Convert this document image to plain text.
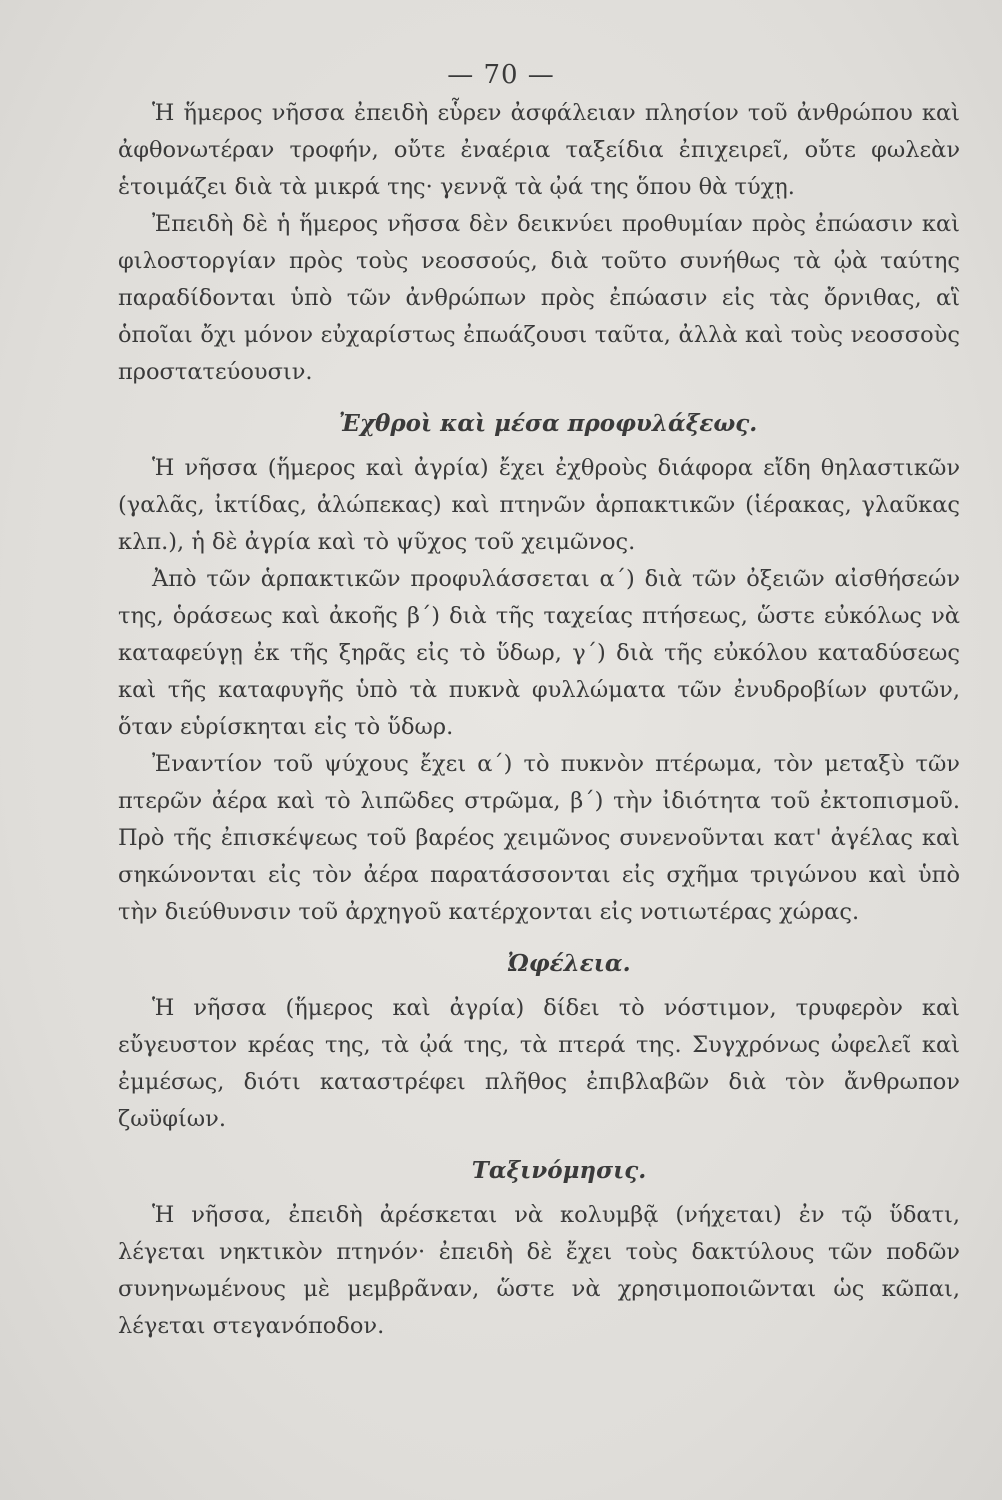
— 70 —

Ἡ ἥμερος νῆσσα ἐπειδὴ εὗρεν ἀσφάλειαν πλησίον τοῦ ἀνθρώπου καὶ ἀφθονωτέραν τροφήν, οὔτε ἐναέρια ταξείδια ἐπιχειρεῖ, οὔτε φωλεὰν ἑτοιμάζει διὰ τὰ μικρά της· γεννᾷ τὰ ᾠά της ὅπου θὰ τύχῃ.

Ἐπειδὴ δὲ ἡ ἥμερος νῆσσα δὲν δεικνύει προθυμίαν πρὸς ἐπώασιν καὶ φιλοστοργίαν πρὸς τοὺς νεοσσούς, διὰ τοῦτο συνήθως τὰ ᾠὰ ταύτης παραδίδονται ὑπὸ τῶν ἀνθρώπων πρὸς ἐπώασιν εἰς τὰς ὄρνιθας, αἳ ὁποῖαι ὄχι μόνον εὐχαρίστως ἐπωάζουσι ταῦτα, ἀλλὰ καὶ τοὺς νεοσσοὺς προστατεύουσιν.

Ἐχθροὶ καὶ μέσα προφυλάξεως.

Ἡ νῆσσα (ἥμερος καὶ ἀγρία) ἔχει ἐχθροὺς διάφορα εἴδη θηλαστικῶν (γαλᾶς, ἰκτίδας, ἀλώπεκας) καὶ πτηνῶν ἁρπακτικῶν (ἱέρακας, γλαῦκας κλπ.), ἡ δὲ ἀγρία καὶ τὸ ψῦχος τοῦ χειμῶνος.

Ἀπὸ τῶν ἁρπακτικῶν προφυλάσσεται α΄) διὰ τῶν ὀξειῶν αἰσθήσεών της, ὁράσεως καὶ ἀκοῆς β΄) διὰ τῆς ταχείας πτήσεως, ὥστε εὐκόλως νὰ καταφεύγῃ ἐκ τῆς ξηρᾶς εἰς τὸ ὕδωρ, γ΄) διὰ τῆς εὐκόλου καταδύσεως καὶ τῆς καταφυγῆς ὑπὸ τὰ πυκνὰ φυλλώματα τῶν ἐνυδροβίων φυτῶν, ὅταν εὑρίσκηται εἰς τὸ ὕδωρ.

Ἐναντίον τοῦ ψύχους ἔχει α΄) τὸ πυκνὸν πτέρωμα, τὸν μεταξὺ τῶν πτερῶν ἀέρα καὶ τὸ λιπῶδες στρῶμα, β΄) τὴν ἰδιότητα τοῦ ἐκτοπισμοῦ. Πρὸ τῆς ἐπισκέψεως τοῦ βαρέος χειμῶνος συνενοῦνται κατ' ἀγέλας καὶ σηκώνονται εἰς τὸν ἀέρα παρατάσσονται εἰς σχῆμα τριγώνου καὶ ὑπὸ τὴν διεύθυνσιν τοῦ ἀρχηγοῦ κατέρχονται εἰς νοτιωτέρας χώρας.

Ὠφέλεια.

Ἡ νῆσσα (ἥμερος καὶ ἀγρία) δίδει τὸ νόστιμον, τρυφερὸν καὶ εὔγευστον κρέας της, τὰ ᾠά της, τὰ πτερά της. Συγχρόνως ὠφελεῖ καὶ ἐμμέσως, διότι καταστρέφει πλῆθος ἐπιβλαβῶν διὰ τὸν ἄνθρωπον ζωϋφίων.

Ταξινόμησις.

Ἡ νῆσσα, ἐπειδὴ ἀρέσκεται νὰ κολυμβᾷ (νήχεται) ἐν τῷ ὕδατι, λέγεται νηκτικὸν πτηνόν· ἐπειδὴ δὲ ἔχει τοὺς δακτύλους τῶν ποδῶν συνηνωμένους μὲ μεμβρᾶναν, ὥστε νὰ χρησιμοποιῶνται ὡς κῶπαι, λέγεται στεγανόποδον.
